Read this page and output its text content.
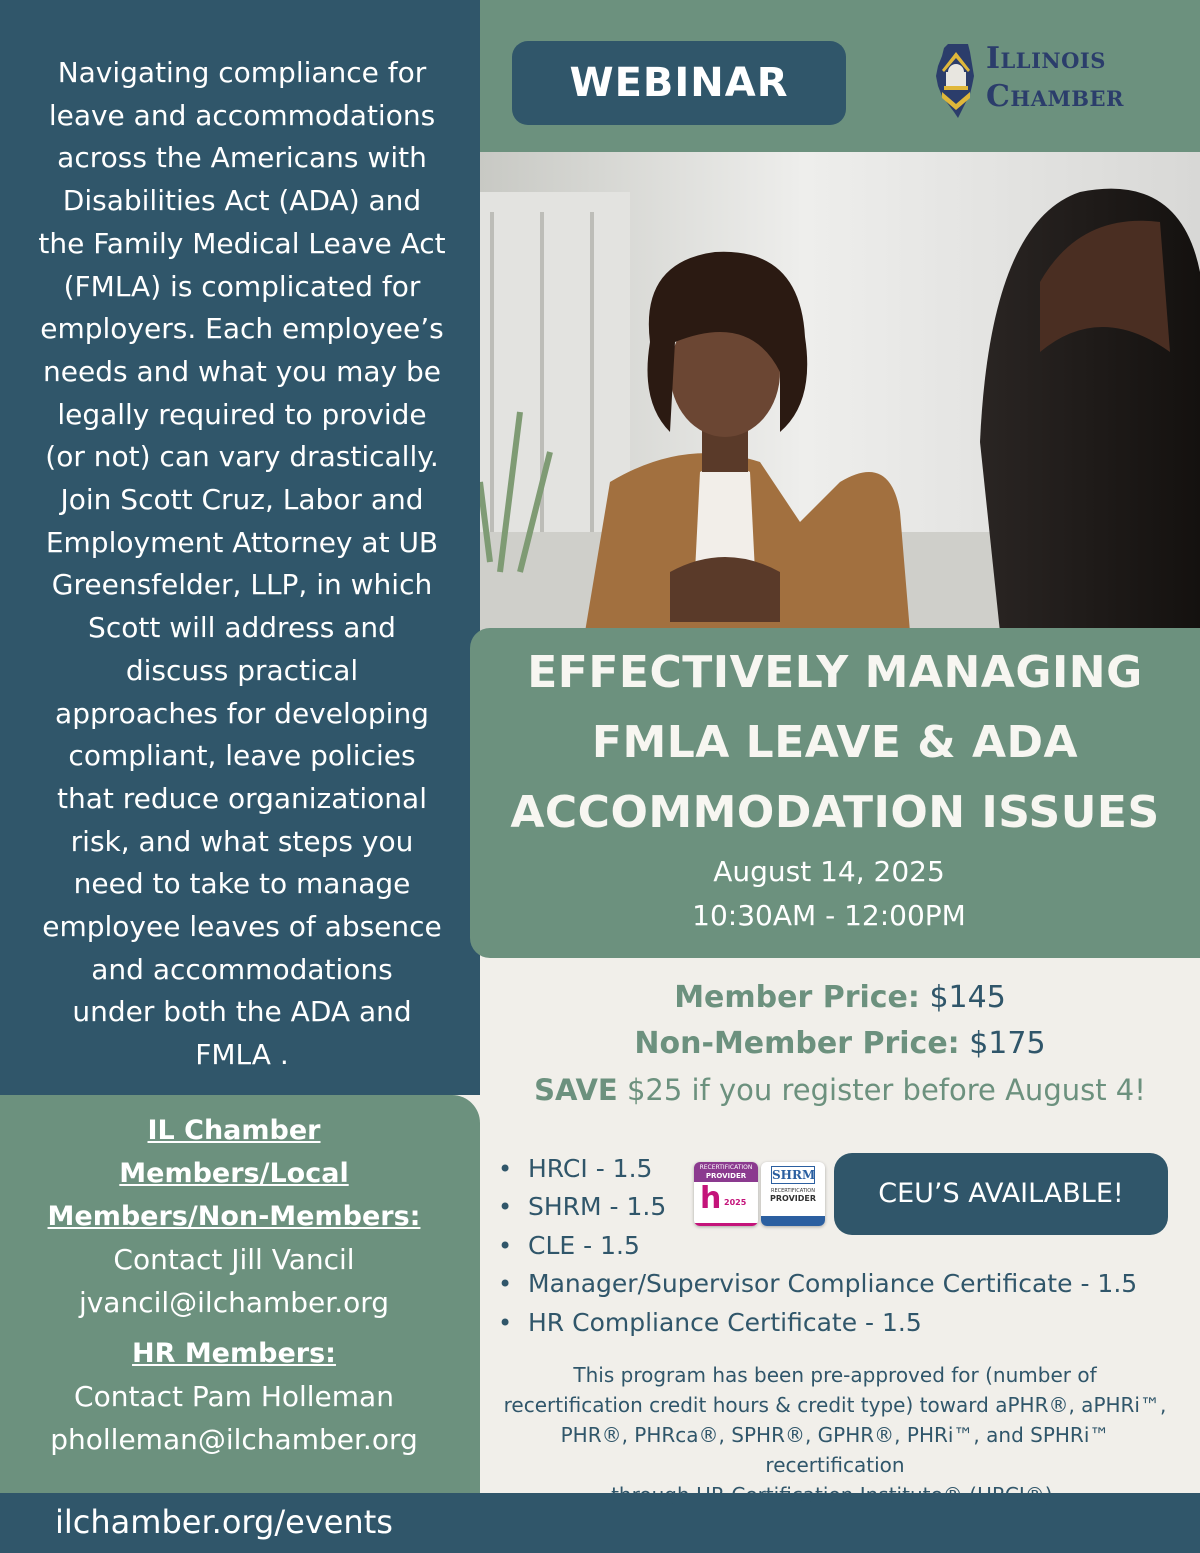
Navigating compliance for
leave and accommodations
across the Americans with
Disabilities Act (ADA) and
the Family Medical Leave Act
(FMLA) is complicated for
employers. Each employee’s
needs and what you may be
legally required to provide
(or not) can vary drastically.
Join Scott Cruz, Labor and
Employment Attorney at UB
Greensfelder, LLP, in which
Scott will address and
discuss practical
approaches for developing
compliant, leave policies
that reduce organizational
risk, and what steps you
need to take to manage
employee leaves of absence
and accommodations
under both the ADA and
FMLA .
IL Chamber
Members/Local
Members/Non-Members:
Contact Jill Vancil
jvancil@ilchamber.org
HR Members:
Contact Pam Holleman
pholleman@ilchamber.org
ilchamber.org/events
WEBINAR
Illinois
Chamber
EFFECTIVELY MANAGING
FMLA LEAVE & ADA
ACCOMMODATION ISSUES
August 14, 2025
10:30AM - 12:00PM
Member Price: $145
Non-Member Price: $175
SAVE $25 if you register before August 4!
• HRCI - 1.5
• SHRM - 1.5
• CLE - 1.5
• Manager/Supervisor Compliance Certificate - 1.5
• HR Compliance Certificate - 1.5
RECERTIFICATION
PROVIDER
h 2025
SHRM
RECERTIFICATION
PROVIDER	CEU’S AVAILABLE!
This program has been pre-approved for (number of
recertification credit hours & credit type) toward aPHR®, aPHRi™,
PHR®, PHRca®, SPHR®, GPHR®, PHRi™, and SPHRi™ recertification
through HR Certification Institute® (HRCI®).
